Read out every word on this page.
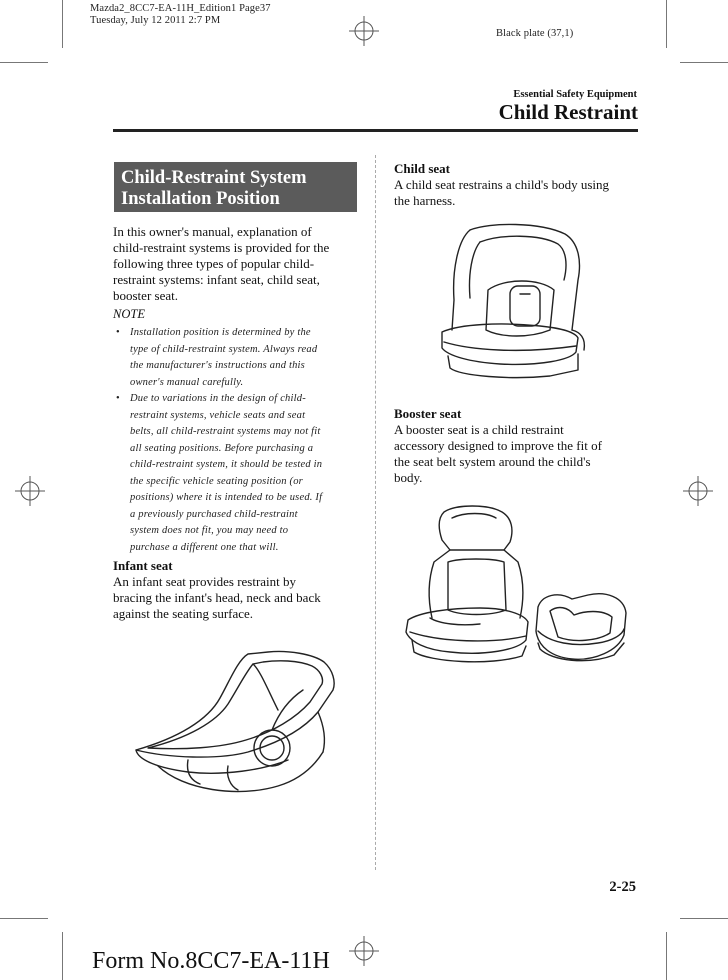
Mazda2_8CC7-EA-11H_Edition1 Page37
Tuesday, July 12 2011 2:7 PM
Black plate (37,1)
Essential Safety Equipment
Child Restraint
Child-Restraint System
Installation Position
In this owner's manual, explanation of
child-restraint systems is provided for the
following three types of popular child-
restraint systems: infant seat, child seat,
booster seat.
NOTE
• Installation position is determined by the
type of child-restraint system. Always read
the manufacturer's instructions and this
owner's manual carefully.
• Due to variations in the design of child-
restraint systems, vehicle seats and seat
belts, all child-restraint systems may not fit
all seating positions. Before purchasing a
child-restraint system, it should be tested in
the specific vehicle seating position (or
positions) where it is intended to be used. If
a previously purchased child-restraint
system does not fit, you may need to
purchase a different one that will.
Infant seat
An infant seat provides restraint by
bracing the infant's head, neck and back
against the seating surface.
Child seat
A child seat restrains a child's body using
the harness.
Booster seat
A booster seat is a child restraint
accessory designed to improve the fit of
the seat belt system around the child's
body.
2-25
Form No.8CC7-EA-11H
